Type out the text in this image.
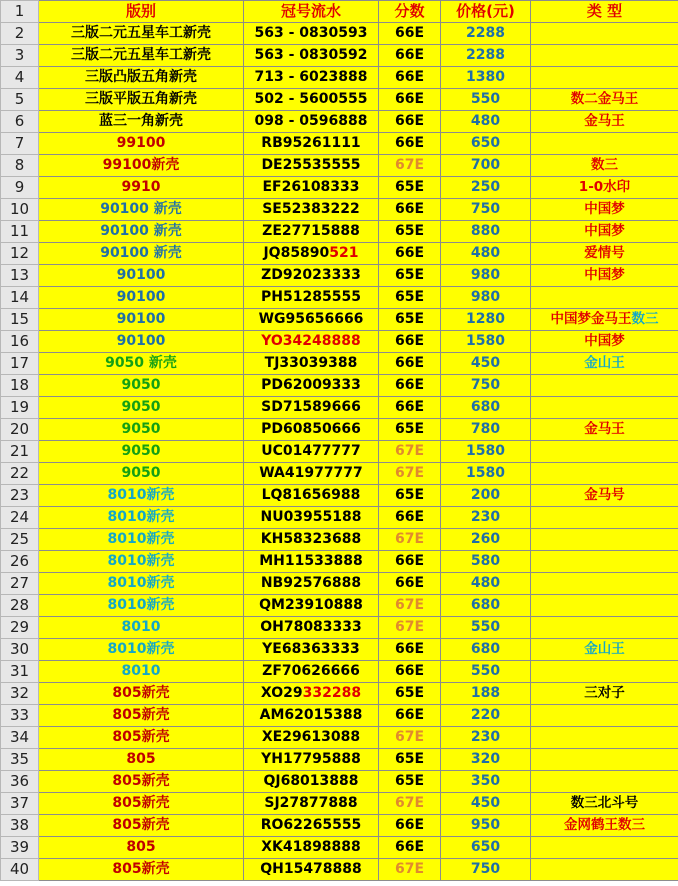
1	版别	冠号流水	分数	价格(元)	类 型
2	三版二元五星车工新壳	563 - 0830593	66E	2288	
3	三版二元五星车工新壳	563 - 0830592	66E	2288	
4	三版凸版五角新壳	713 - 6023888	66E	1380	
5	三版平版五角新壳	502 - 5600555	66E	550	数二金马王
6	蓝三一角新壳	098 - 0596888	66E	480	金马王
7	99100	RB95261111	66E	650	
8	99100新壳	DE25535555	67E	700	数三
9	9910	EF26108333	65E	250	1-0水印
10	90100 新壳	SE52383222	66E	750	中国梦
11	90100 新壳	ZE27715888	65E	880	中国梦
12	90100 新壳	JQ85890521	66E	480	爱情号
13	90100	ZD92023333	65E	980	中国梦
14	90100	PH51285555	65E	980	
15	90100	WG95656666	65E	1280	中国梦金马王数三
16	90100	YO34248888	66E	1580	中国梦
17	9050 新壳	TJ33039388	66E	450	金山王
18	9050	PD62009333	66E	750	
19	9050	SD71589666	66E	680	
20	9050	PD60850666	65E	780	金马王
21	9050	UC01477777	67E	1580	
22	9050	WA41977777	67E	1580	
23	8010新壳	LQ81656988	65E	200	金马号
24	8010新壳	NU03955188	66E	230	
25	8010新壳	KH58323688	67E	260	
26	8010新壳	MH11533888	66E	580	
27	8010新壳	NB92576888	66E	480	
28	8010新壳	QM23910888	67E	680	
29	8010	OH78083333	67E	550	
30	8010新壳	YE68363333	66E	680	金山王
31	8010	ZF70626666	66E	550	
32	805新壳	XO29332288	65E	188	三对子
33	805新壳	AM62015388	66E	220	
34	805新壳	XE29613088	67E	230	
35	805	YH17795888	65E	320	
36	805新壳	QJ68013888	65E	350	
37	805新壳	SJ27877888	67E	450	数三北斗号
38	805新壳	RO62265555	66E	950	金网鹤王数三
39	805	XK41898888	66E	650	
40	805新壳	QH15478888	67E	750	
